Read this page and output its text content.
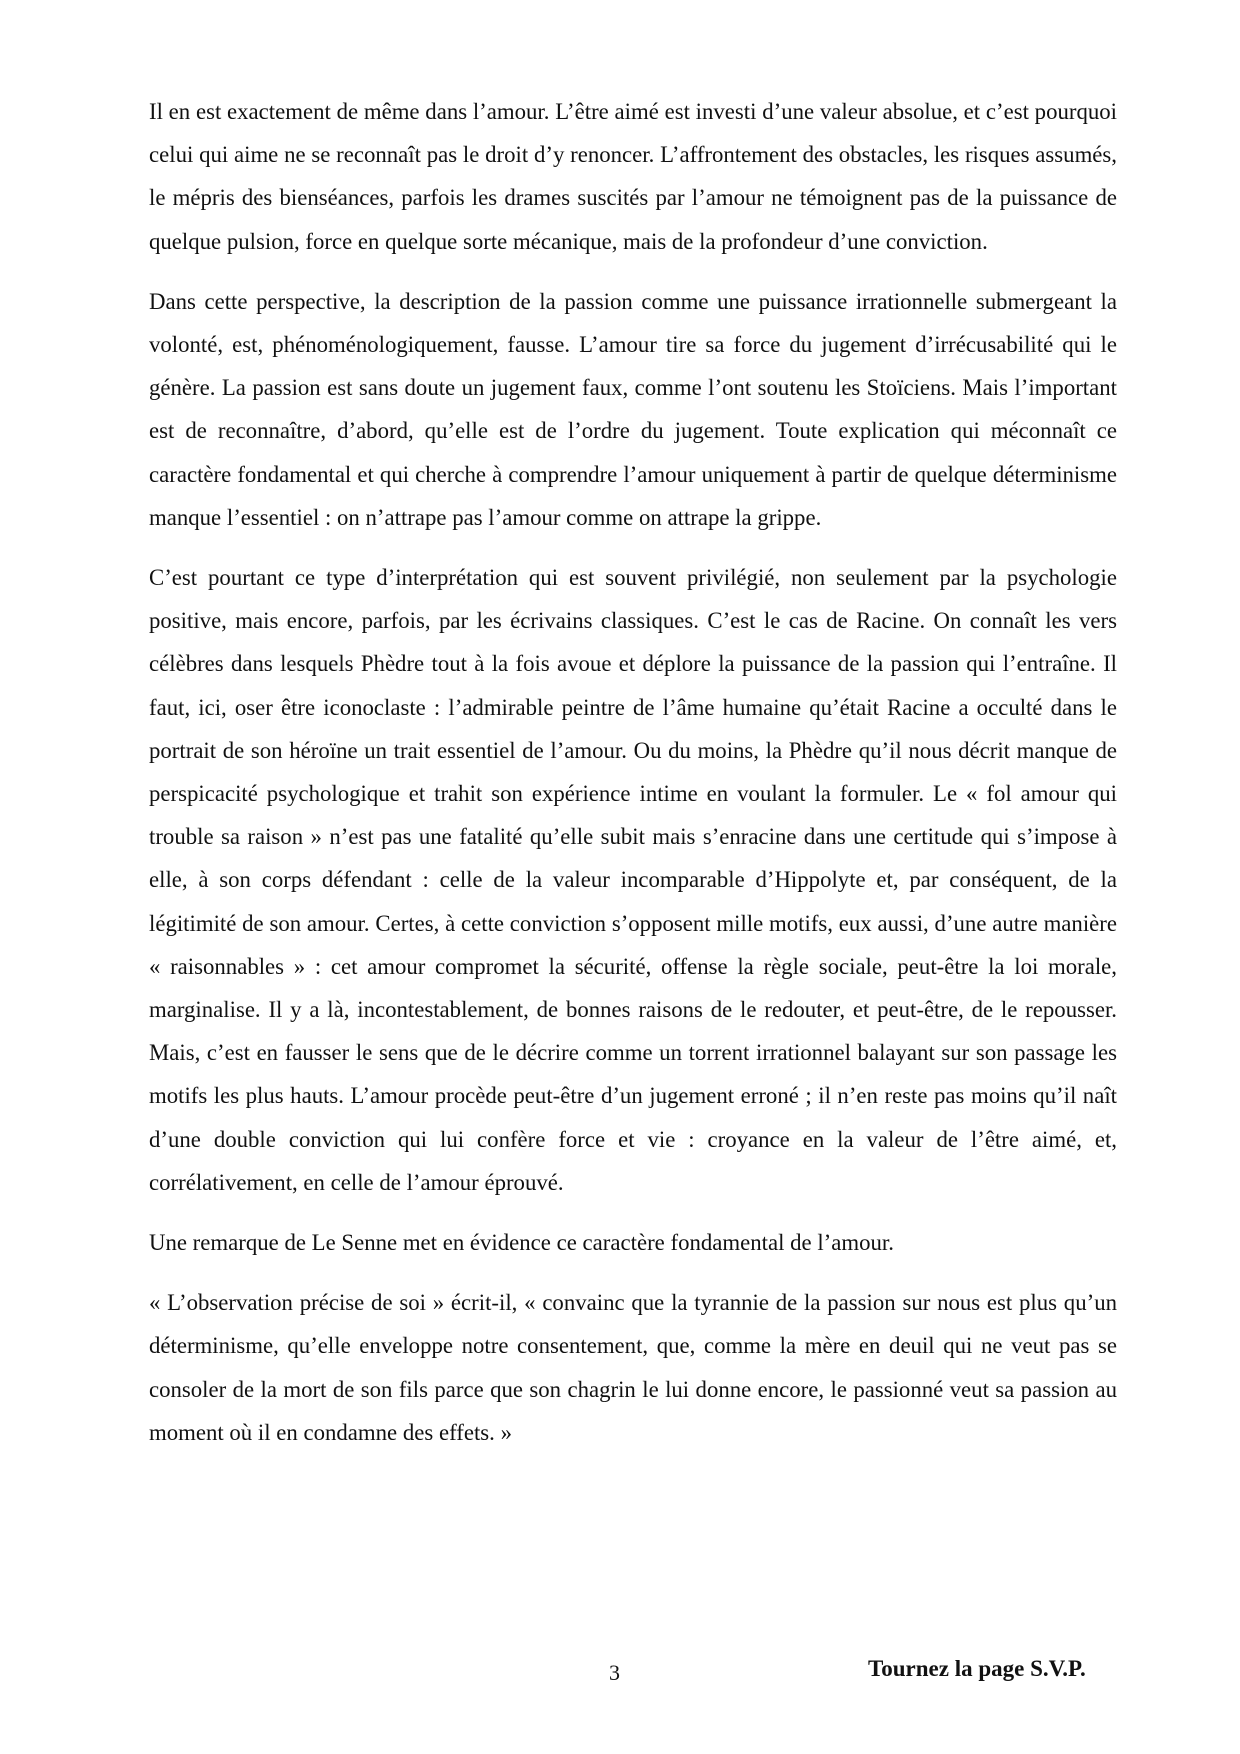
Il en est exactement de même dans l’amour. L’être aimé est investi d’une valeur absolue, et c’est pourquoi celui qui aime ne se reconnaît pas le droit d’y renoncer. L’affrontement des obstacles, les risques assumés, le mépris des bienséances, parfois les drames suscités par l’amour ne témoignent pas de la puissance de quelque pulsion, force en quelque sorte mécanique, mais de la profondeur d’une conviction.

Dans cette perspective, la description de la passion comme une puissance irrationnelle submergeant la volonté, est, phénoménologiquement, fausse. L’amour tire sa force du jugement d’irrécusabilité qui le génère. La passion est sans doute un jugement faux, comme l’ont soutenu les Stoïciens. Mais l’important est de reconnaître, d’abord, qu’elle est de l’ordre du jugement. Toute explication qui méconnaît ce caractère fondamental et qui cherche à comprendre l’amour uniquement à partir de quelque déterminisme manque l’essentiel : on n’attrape pas l’amour comme on attrape la grippe.

C’est pourtant ce type d’interprétation qui est souvent privilégié, non seulement par la psychologie positive, mais encore, parfois, par les écrivains classiques. C’est le cas de Racine. On connaît les vers célèbres dans lesquels Phèdre tout à la fois avoue et déplore la puissance de la passion qui l’entraîne. Il faut, ici, oser être iconoclaste : l’admirable peintre de l’âme humaine qu’était Racine a occulté dans le portrait de son héroïne un trait essentiel de l’amour. Ou du moins, la Phèdre qu’il nous décrit manque de perspicacité psychologique et trahit son expérience intime en voulant la formuler. Le « fol amour qui trouble sa raison » n’est pas une fatalité qu’elle subit mais s’enracine dans une certitude qui s’impose à elle, à son corps défendant : celle de la valeur incomparable d’Hippolyte et, par conséquent, de la légitimité de son amour. Certes, à cette conviction s’opposent mille motifs, eux aussi, d’une autre manière « raisonnables » : cet amour compromet la sécurité, offense la règle sociale, peut-être la loi morale, marginalise. Il y a là, incontestablement, de bonnes raisons de le redouter, et peut-être, de le repousser. Mais, c’est en fausser le sens que de le décrire comme un torrent irrationnel balayant sur son passage les motifs les plus hauts. L’amour procède peut-être d’un jugement erroné ; il n’en reste pas moins qu’il naît d’une double conviction qui lui confère force et vie : croyance en la valeur de l’être aimé, et, corrélativement, en celle de l’amour éprouvé.

Une remarque de Le Senne met en évidence ce caractère fondamental de l’amour.

« L’observation précise de soi » écrit-il, « convainc que la tyrannie de la passion sur nous est plus qu’un déterminisme, qu’elle enveloppe notre consentement, que, comme la mère en deuil qui ne veut pas se consoler de la mort de son fils parce que son chagrin le lui donne encore, le passionné veut sa passion au moment où il en condamne des effets. »

3	Tournez la page S.V.P.
